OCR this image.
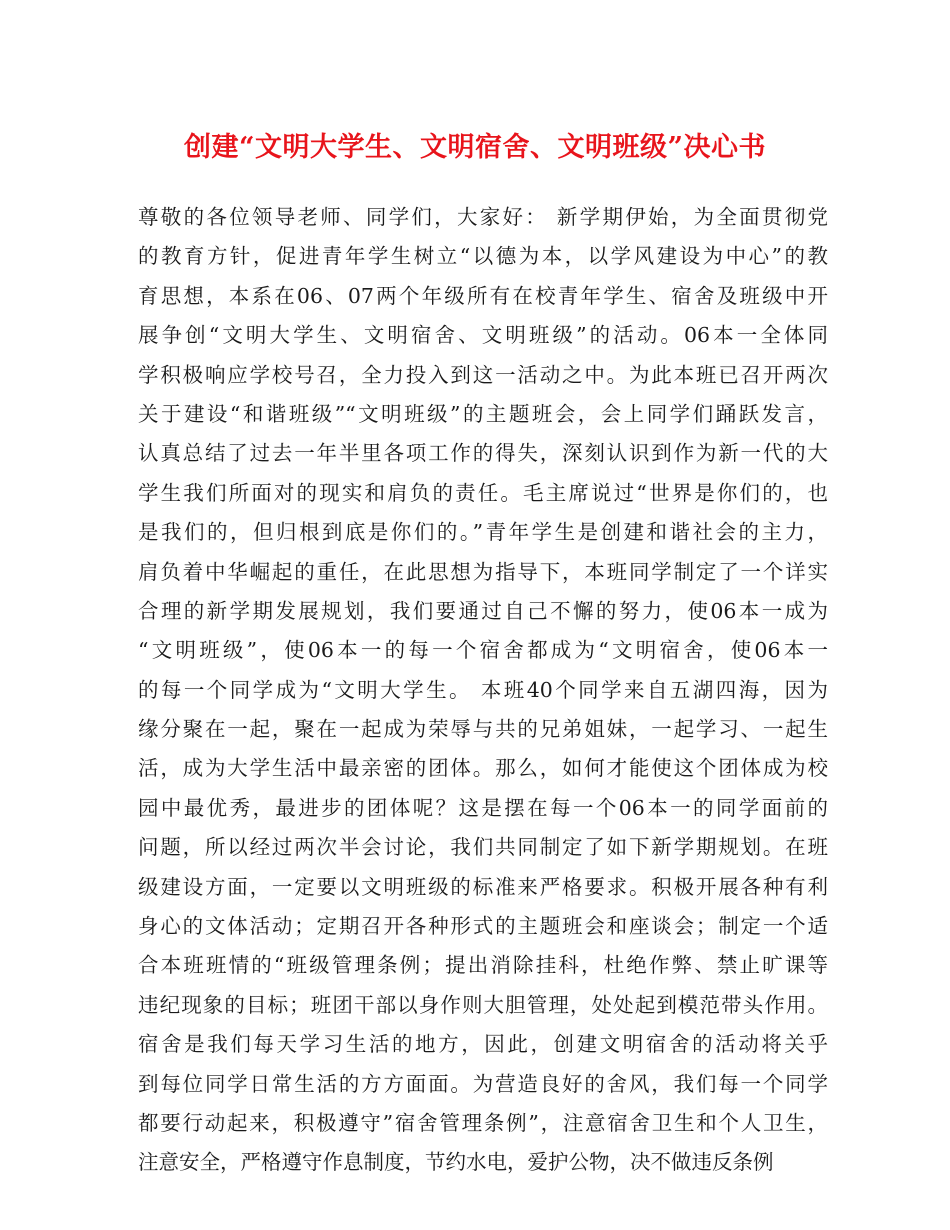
创建“文明大学生、文明宿舍、文明班级”决心书
尊敬的各位领导老师、同学们，大家好： 新学期伊始，为全面贯彻党
的教育方针，促进青年学生树立“以德为本，以学风建设为中心”的教
育思想，本系在06、07两个年级所有在校青年学生、宿舍及班级中开
展争创“文明大学生、文明宿舍、文明班级”的活动。06本一全体同
学积极响应学校号召，全力投入到这一活动之中。为此本班已召开两次
关于建设“和谐班级”“文明班级”的主题班会，会上同学们踊跃发言，
认真总结了过去一年半里各项工作的得失，深刻认识到作为新一代的大
学生我们所面对的现实和肩负的责任。毛主席说过“世界是你们的，也
是我们的，但归根到底是你们的。”青年学生是创建和谐社会的主力，
肩负着中华崛起的重任，在此思想为指导下，本班同学制定了一个详实
合理的新学期发展规划，我们要通过自己不懈的努力，使06本一成为
“文明班级”，使06本一的每一个宿舍都成为“文明宿舍，使06本一
的每一个同学成为“文明大学生。 本班40个同学来自五湖四海，因为
缘分聚在一起，聚在一起成为荣辱与共的兄弟姐妹，一起学习、一起生
活，成为大学生活中最亲密的团体。那么，如何才能使这个团体成为校
园中最优秀，最进步的团体呢？这是摆在每一个06本一的同学面前的
问题，所以经过两次半会讨论，我们共同制定了如下新学期规划。在班
级建设方面，一定要以文明班级的标准来严格要求。积极开展各种有利
身心的文体活动；定期召开各种形式的主题班会和座谈会；制定一个适
合本班班情的“班级管理条例；提出消除挂科，杜绝作弊、禁止旷课等
违纪现象的目标；班团干部以身作则大胆管理，处处起到模范带头作用。
宿舍是我们每天学习生活的地方，因此，创建文明宿舍的活动将关乎
到每位同学日常生活的方方面面。为营造良好的舍风，我们每一个同学
都要行动起来，积极遵守”宿舍管理条例”，注意宿舍卫生和个人卫生，
注意安全，严格遵守作息制度，节约水电，爱护公物，决不做违反条例
